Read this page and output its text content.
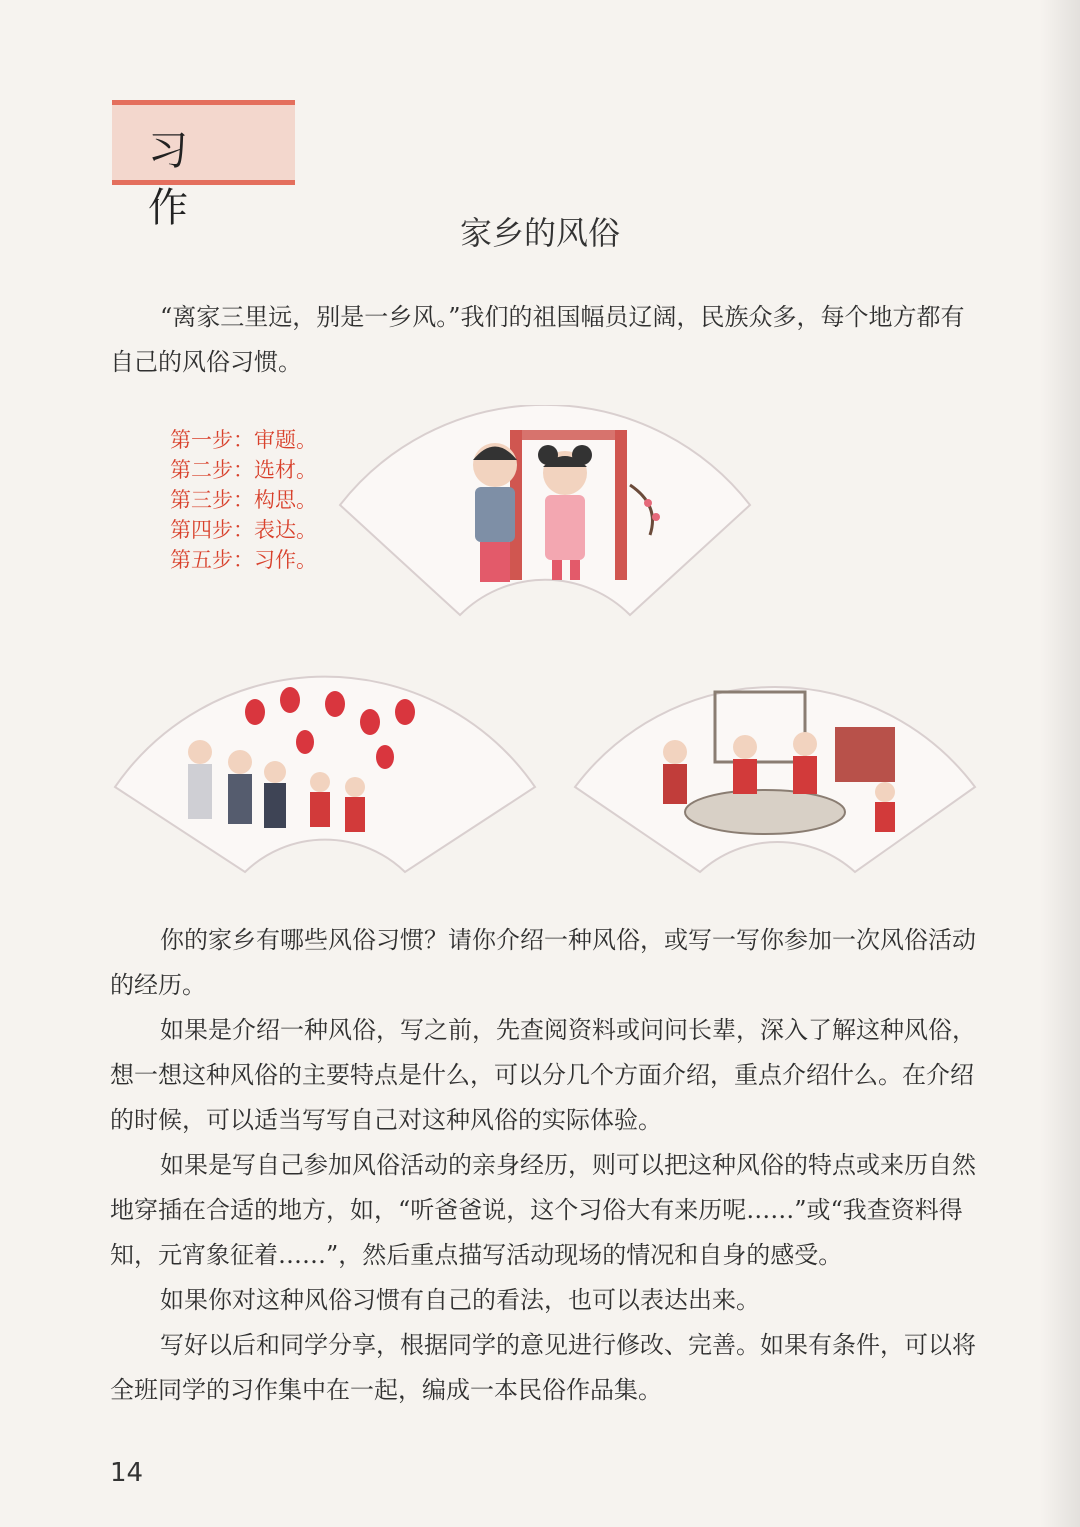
习 作
家乡的风俗

“离家三里远，别是一乡风。”我们的祖国幅员辽阔，民族众多，每个地方都有自己的风俗习惯。

第一步：审题。
第二步：选材。
第三步：构思。
第四步：表达。
第五步：习作。

你的家乡有哪些风俗习惯？请你介绍一种风俗，或写一写你参加一次风俗活动的经历。

如果是介绍一种风俗，写之前，先查阅资料或问问长辈，深入了解这种风俗，想一想这种风俗的主要特点是什么，可以分几个方面介绍，重点介绍什么。在介绍的时候，可以适当写写自己对这种风俗的实际体验。

如果是写自己参加风俗活动的亲身经历，则可以把这种风俗的特点或来历自然地穿插在合适的地方，如，“听爸爸说，这个习俗大有来历呢……”或“我查资料得知，元宵象征着……”，然后重点描写活动现场的情况和自身的感受。

如果你对这种风俗习惯有自己的看法，也可以表达出来。

写好以后和同学分享，根据同学的意见进行修改、完善。如果有条件，可以将全班同学的习作集中在一起，编成一本民俗作品集。

14
